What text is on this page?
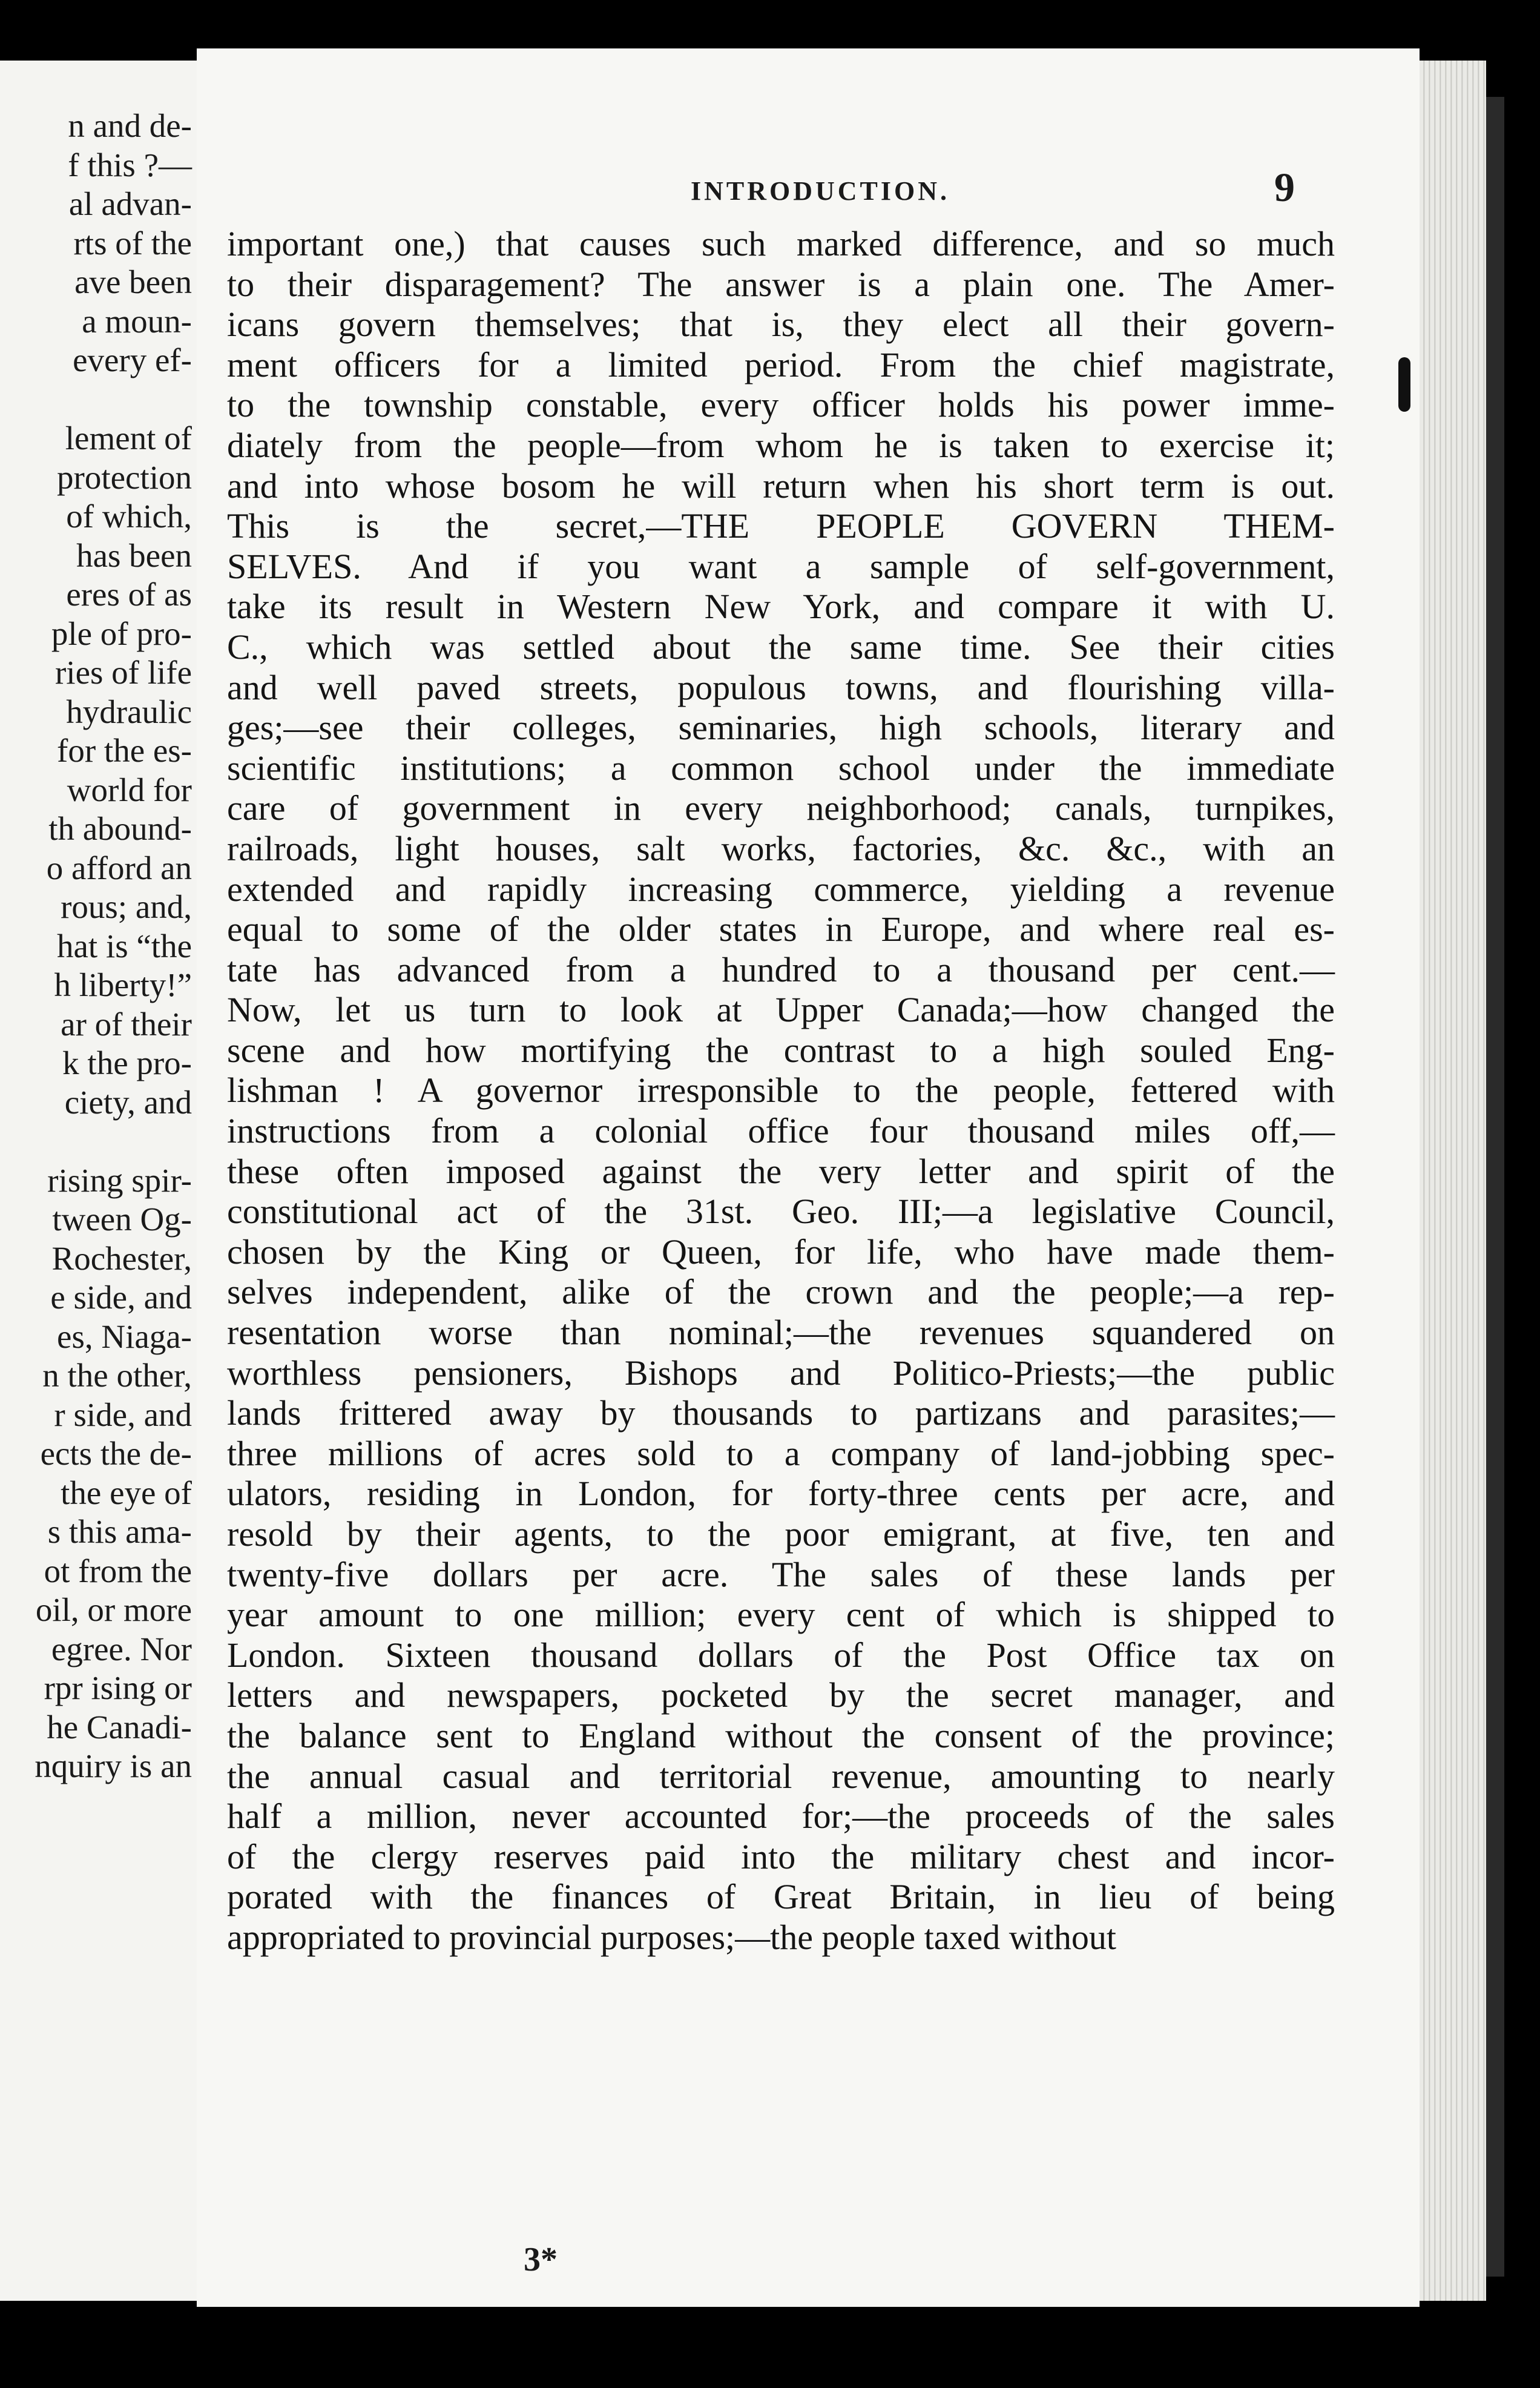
n and de-
f this ?—
al advan-
rts of the
ave been
a moun-
every ef-
lement of
protection
of which,
has been
eres of as
ple of pro-
ries of life
hydraulic
for the es-
world for
th abound-
o afford an
rous; and,
hat is “the
h liberty!”
ar of their
k the pro-
ciety, and
rising spir-
tween Og-
Rochester,
e side, and
es, Niaga-
n the other,
r side, and
ects the de-
the eye of
s this ama-
ot from the
oil, or more
egree. Nor
rpr ising or
he Canadi-
nquiry is an
INTRODUCTION.	9
important one,) that causes such marked difference, and so much
to their disparagement? The answer is a plain one. The Amer-
icans govern themselves; that is, they elect all their govern-
ment officers for a limited period. From the chief magistrate,
to the township constable, every officer holds his power imme-
diately from the people—from whom he is taken to exercise it;
and into whose bosom he will return when his short term is out.
This is the secret,—THE PEOPLE GOVERN THEM-
SELVES. And if you want a sample of self-government,
take its result in Western New York, and compare it with U.
C., which was settled about the same time. See their cities
and well paved streets, populous towns, and flourishing villa-
ges;—see their colleges, seminaries, high schools, literary and
scientific institutions; a common school under the immediate
care of government in every neighborhood; canals, turnpikes,
railroads, light houses, salt works, factories, &c. &c., with an
extended and rapidly increasing commerce, yielding a revenue
equal to some of the older states in Europe, and where real es-
tate has advanced from a hundred to a thousand per cent.—
Now, let us turn to look at Upper Canada;—how changed the
scene and how mortifying the contrast to a high souled Eng-
lishman ! A governor irresponsible to the people, fettered with
instructions from a colonial office four thousand miles off,—
these often imposed against the very letter and spirit of the
constitutional act of the 31st. Geo. III;—a legislative Council,
chosen by the King or Queen, for life, who have made them-
selves independent, alike of the crown and the people;—a rep-
resentation worse than nominal;—the revenues squandered on
worthless pensioners, Bishops and Politico-Priests;—the public
lands frittered away by thousands to partizans and parasites;—
three millions of acres sold to a company of land-jobbing spec-
ulators, residing in London, for forty-three cents per acre, and
resold by their agents, to the poor emigrant, at five, ten and
twenty-five dollars per acre. The sales of these lands per
year amount to one million; every cent of which is shipped to
London. Sixteen thousand dollars of the Post Office tax on
letters and newspapers, pocketed by the secret manager, and
the balance sent to England without the consent of the province;
the annual casual and territorial revenue, amounting to nearly
half a million, never accounted for;—the proceeds of the sales
of the clergy reserves paid into the military chest and incor-
porated with the finances of Great Britain, in lieu of being
appropriated to provincial purposes;—the people taxed without
3*
